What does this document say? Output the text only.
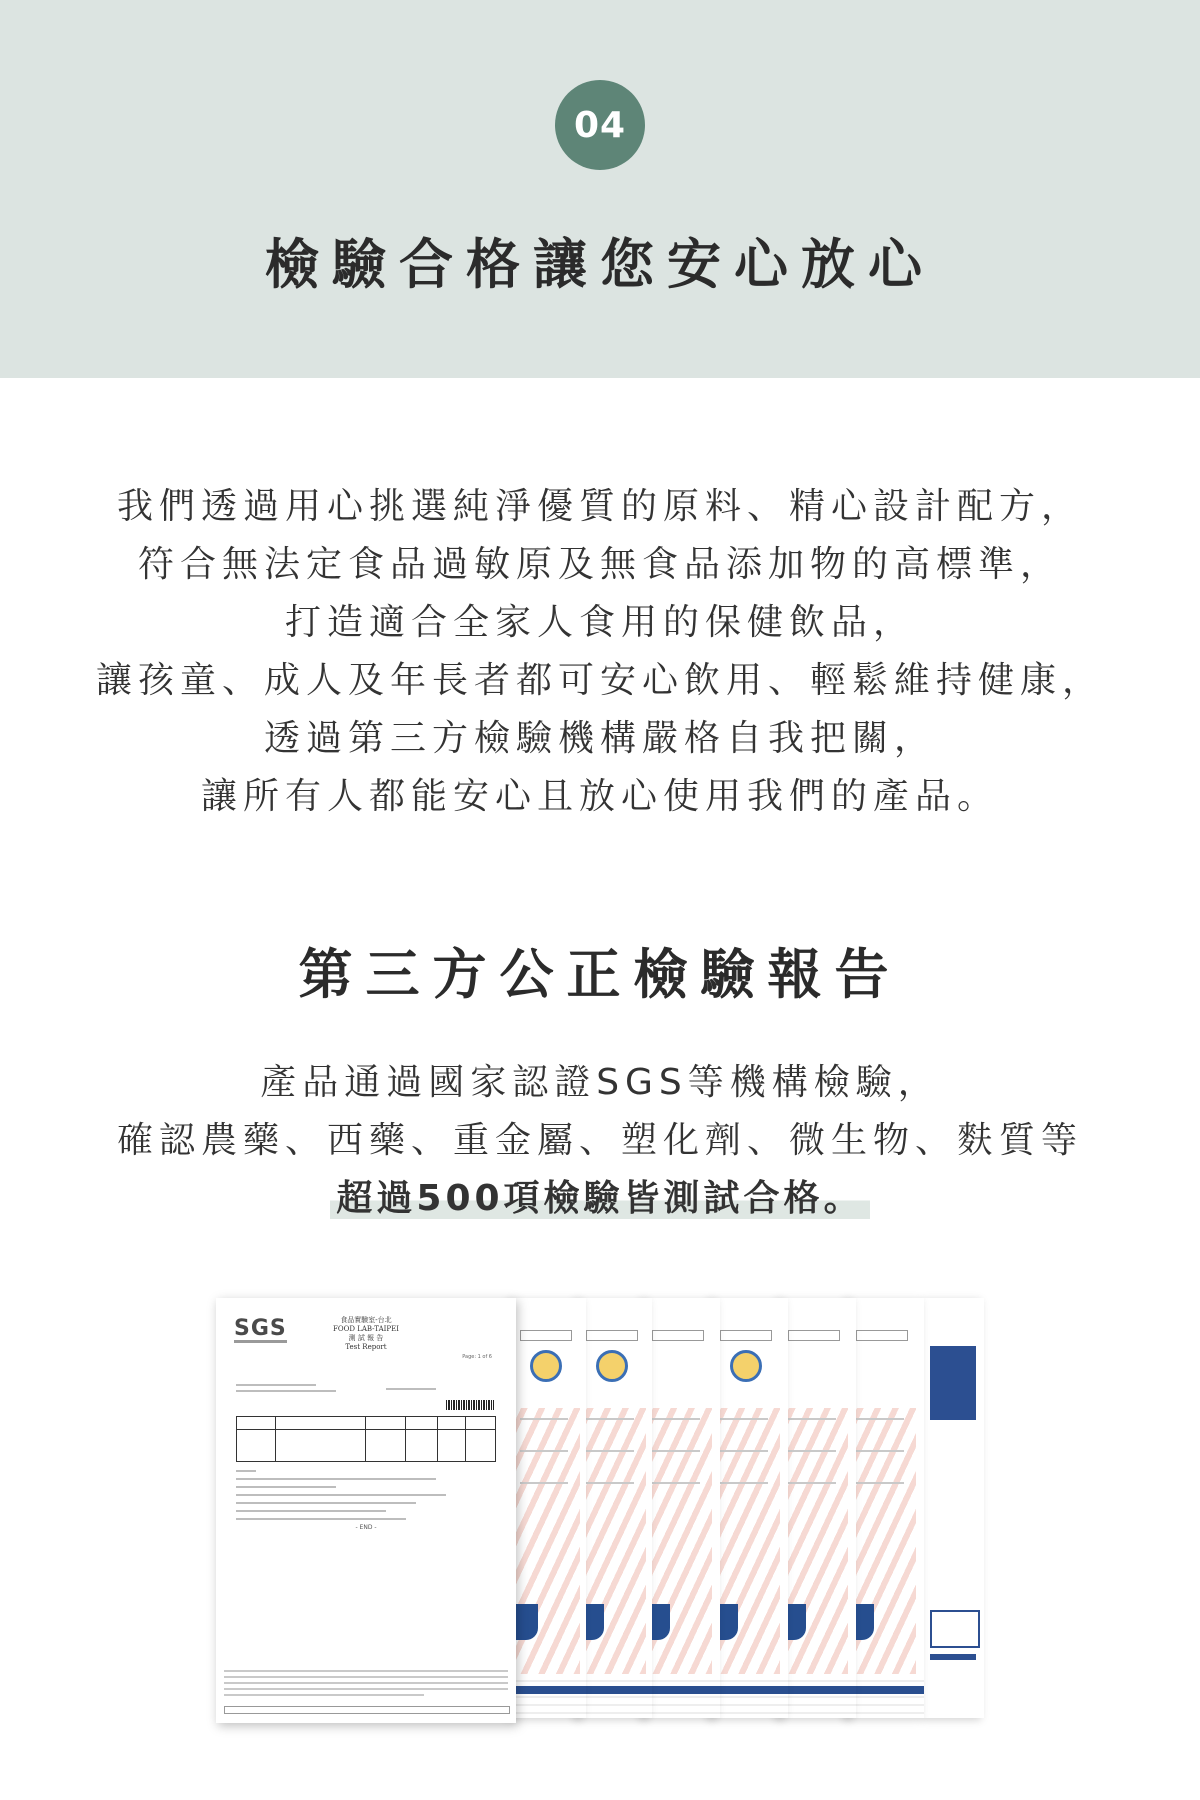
04
檢驗合格讓您安心放心
我們透過用心挑選純淨優質的原料、精心設計配方，
符合無法定食品過敏原及無食品添加物的高標準，
打造適合全家人食用的保健飲品，
讓孩童、成人及年長者都可安心飲用、輕鬆維持健康，
透過第三方檢驗機構嚴格自我把關，
讓所有人都能安心且放心使用我們的產品。
第三方公正檢驗報告
產品通過國家認證SGS等機構檢驗，
確認農藥、西藥、重金屬、塑化劑、微生物、麩質等
超過500項檢驗皆測試合格。
SGS	食品實驗室-台北
FOOD LAB-TAIPEI
測 試 報 告
Test Report
Page: 1 of 6
- END -
